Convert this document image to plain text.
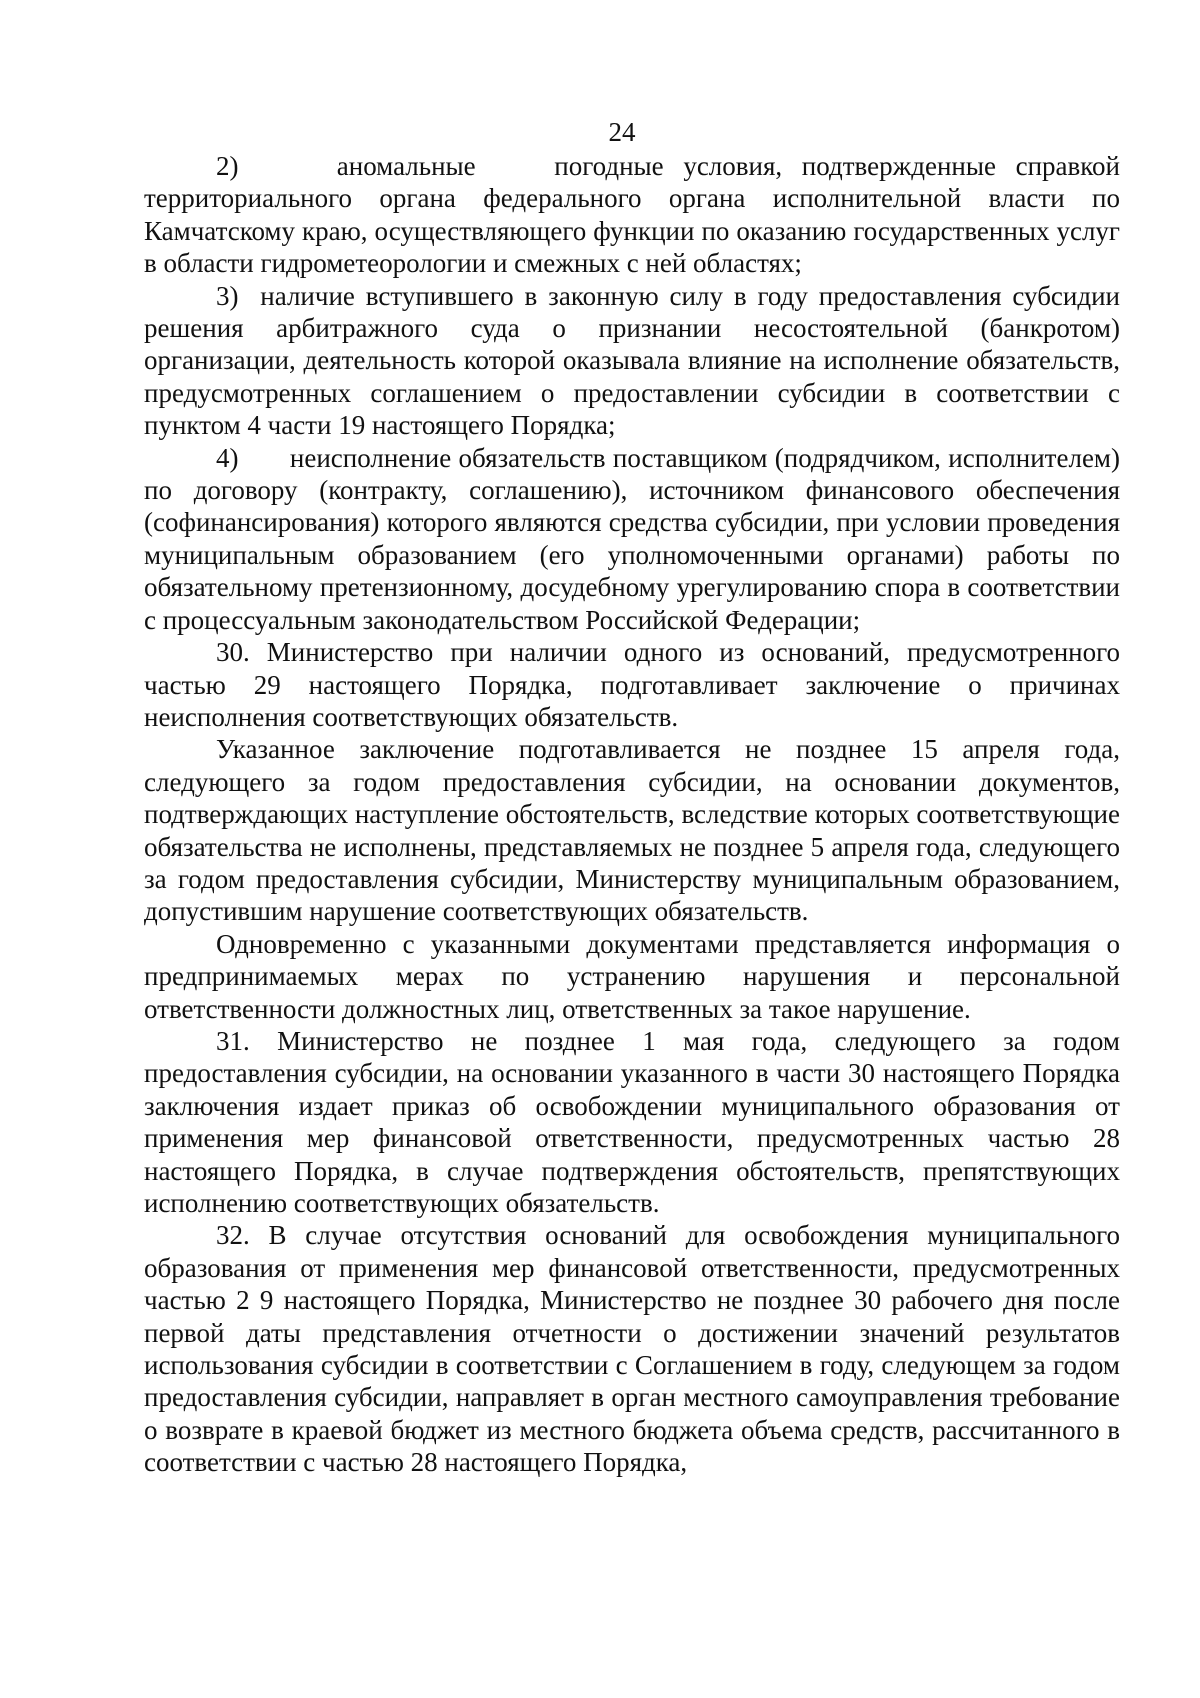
24

2)     аномальные    погодные условия, подтвержденные справкой территориального органа федерального органа исполнительной власти по Камчатскому краю, осуществляющего функции по оказанию государственных услуг в области гидрометеорологии и смежных с ней областях;

3)  наличие вступившего в законную силу в году предоставления субсидии решения арбитражного суда о признании несостоятельной (банкротом) организации, деятельность которой оказывала влияние на исполнение обязательств, предусмотренных соглашением о предоставлении субсидии в соответствии с пунктом 4 части 19 настоящего Порядка;

4)       неисполнение обязательств поставщиком (подрядчиком, исполнителем) по договору (контракту, соглашению), источником финансового обеспечения (софинансирования) которого являются средства субсидии, при условии проведения муниципальным образованием (его уполномоченными органами) работы по обязательному претензионному, досудебному урегулированию спора в соответствии с процессуальным законодательством Российской Федерации;

30. Министерство при наличии одного из оснований, предусмотренного частью 29 настоящего Порядка, подготавливает заключение о причинах неисполнения соответствующих обязательств.

Указанное заключение подготавливается не позднее 15 апреля года, следующего за годом предоставления субсидии, на основании документов, подтверждающих наступление обстоятельств, вследствие которых соответствующие обязательства не исполнены, представляемых не позднее 5 апреля года, следующего за годом предоставления субсидии, Министерству муниципальным образованием, допустившим нарушение соответствующих обязательств.

Одновременно с указанными документами представляется информация о предпринимаемых мерах по устранению нарушения и персональной ответственности должностных лиц, ответственных за такое нарушение.

31. Министерство не позднее 1 мая года, следующего за годом предоставления субсидии, на основании указанного в части 30 настоящего Порядка заключения издает приказ об освобождении муниципального образования от применения мер финансовой ответственности, предусмотренных частью 28 настоящего Порядка, в случае подтверждения обстоятельств, препятствующих исполнению соответствующих обязательств.

32. В случае отсутствия оснований для освобождения муниципального образования от применения мер финансовой ответственности, предусмотренных частью 2 9 настоящего Порядка, Министерство не позднее 30 рабочего дня после первой даты представления отчетности о достижении значений результатов использования субсидии в соответствии с Соглашением в году, следующем за годом предоставления субсидии, направляет в орган местного самоуправления требование о возврате в краевой бюджет из местного бюджета объема средств, рассчитанного в соответствии с частью 28 настоящего Порядка,
